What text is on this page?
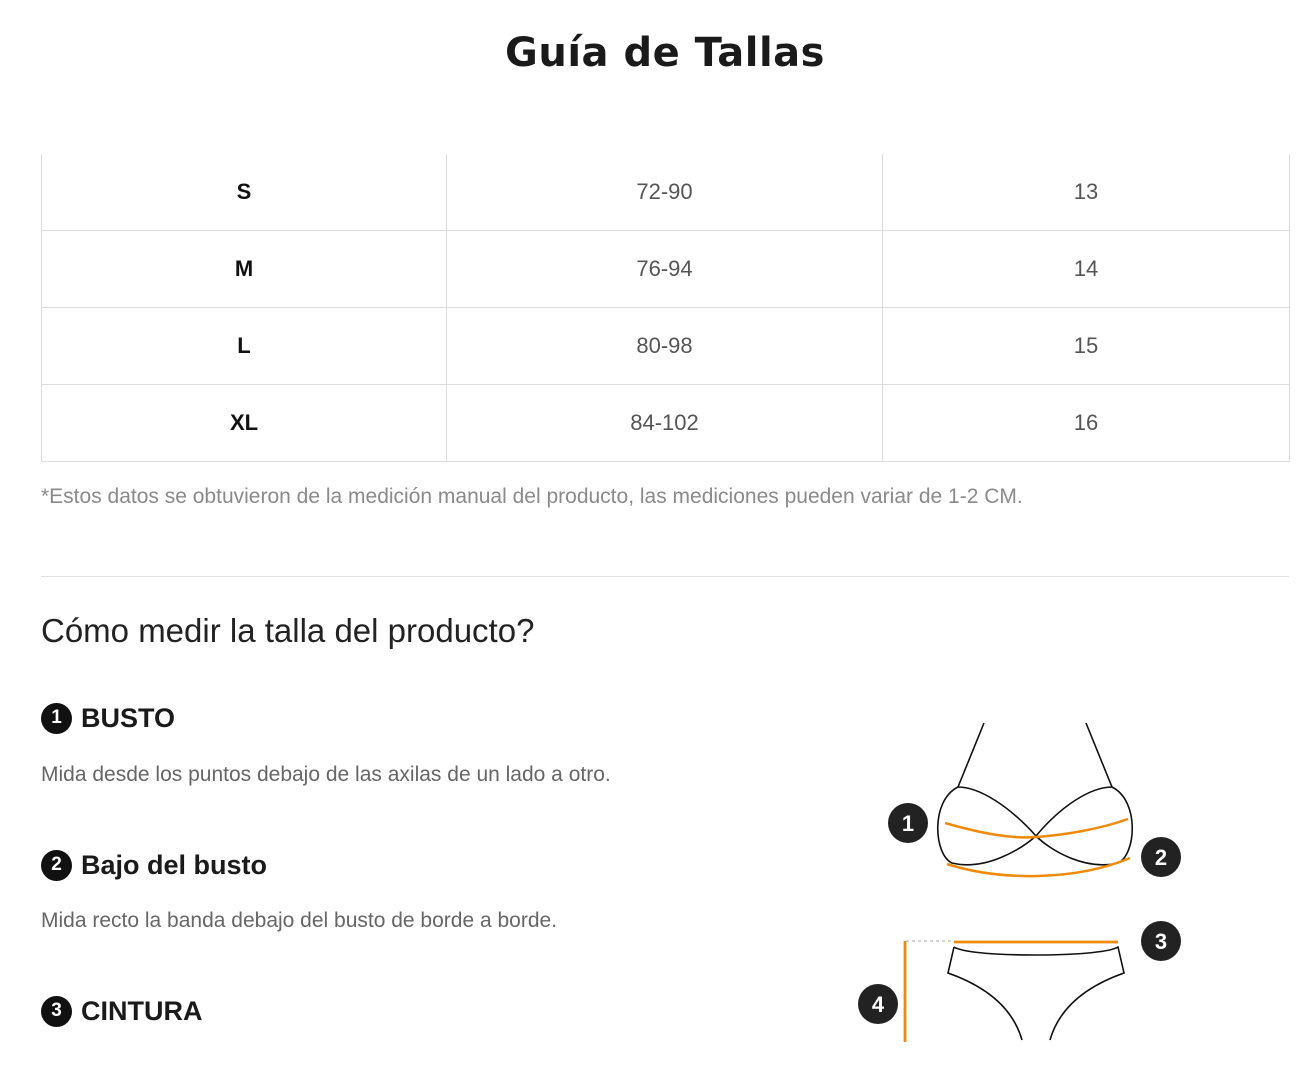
Guía de Tallas
S	72-90	13
M	76-94	14
L	80-98	15
XL	84-102	16
*Estos datos se obtuvieron de la medición manual del producto, las mediciones pueden variar de 1-2 CM.
Cómo medir la talla del producto?
1 BUSTO
Mida desde los puntos debajo de las axilas de un lado a otro.
2 Bajo del busto
Mida recto la banda debajo del busto de borde a borde.
3 CINTURA
1
2
3
4
